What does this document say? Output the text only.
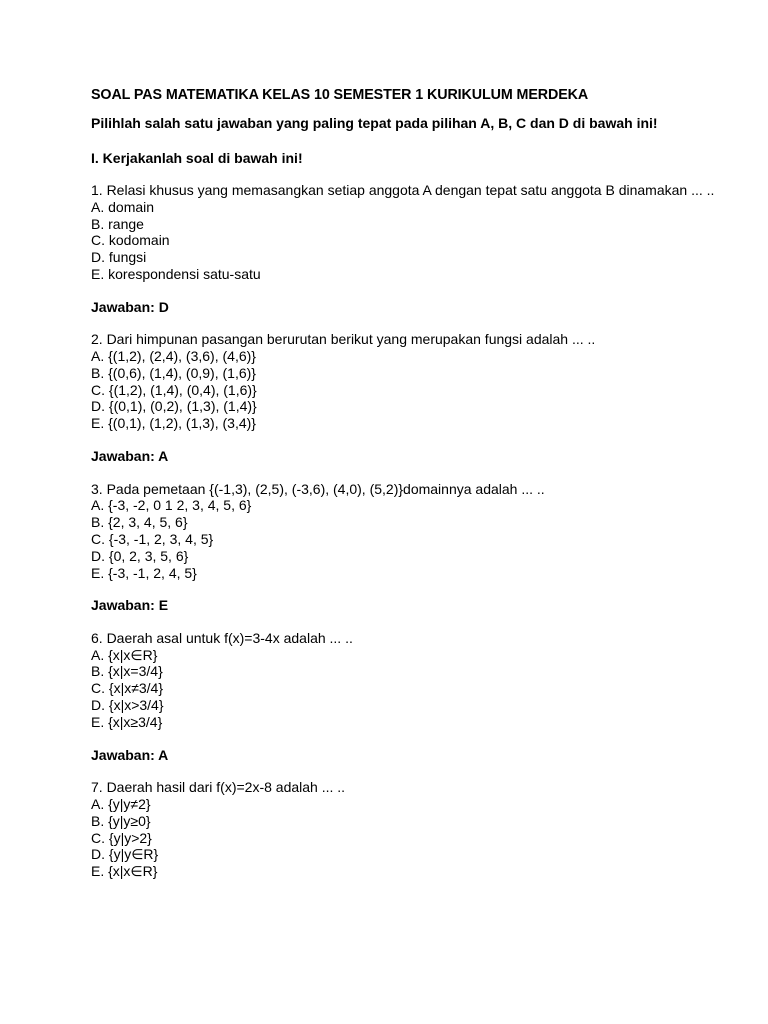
SOAL PAS MATEMATIKA KELAS 10 SEMESTER 1 KURIKULUM MERDEKA
Pilihlah salah satu jawaban yang paling tepat pada pilihan A, B, C dan D di bawah ini!
I. Kerjakanlah soal di bawah ini!

1. Relasi khusus yang memasangkan setiap anggota A dengan tepat satu anggota B dinamakan ... ..

A. domain
B. range
C. kodomain
D. fungsi
E. korespondensi satu-satu
Jawaban: D

2. Dari himpunan pasangan berurutan berikut yang merupakan fungsi adalah ... ..

A. {(1,2), (2,4), (3,6), (4,6)}
B. {(0,6), (1,4), (0,9), (1,6)}
C. {(1,2), (1,4), (0,4), (1,6)}
D. {(0,1), (0,2), (1,3), (1,4)}
E. {(0,1), (1,2), (1,3), (3,4)}
Jawaban: A

3. Pada pemetaan {(-1,3), (2,5), (-3,6), (4,0), (5,2)}domainnya adalah ... ..

A. {-3, -2, 0 1 2, 3, 4, 5, 6}
B. {2, 3, 4, 5, 6}
C. {-3, -1, 2, 3, 4, 5}
D. {0, 2, 3, 5, 6}
E. {-3, -1, 2, 4, 5}
Jawaban: E

6. Daerah asal untuk f(x)=3-4x adalah ... ..

A. {x|x∈R}
B. {x|x=3/4}
C. {x|x≠3/4}
D. {x|x>3/4}
E. {x|x≥3/4}
Jawaban: A

7. Daerah hasil dari f(x)=2x-8 adalah ... ..

A. {y|y≠2}
B. {y|y≥0}
C. {y|y>2}
D. {y|y∈R}
E. {x|x∈R}
